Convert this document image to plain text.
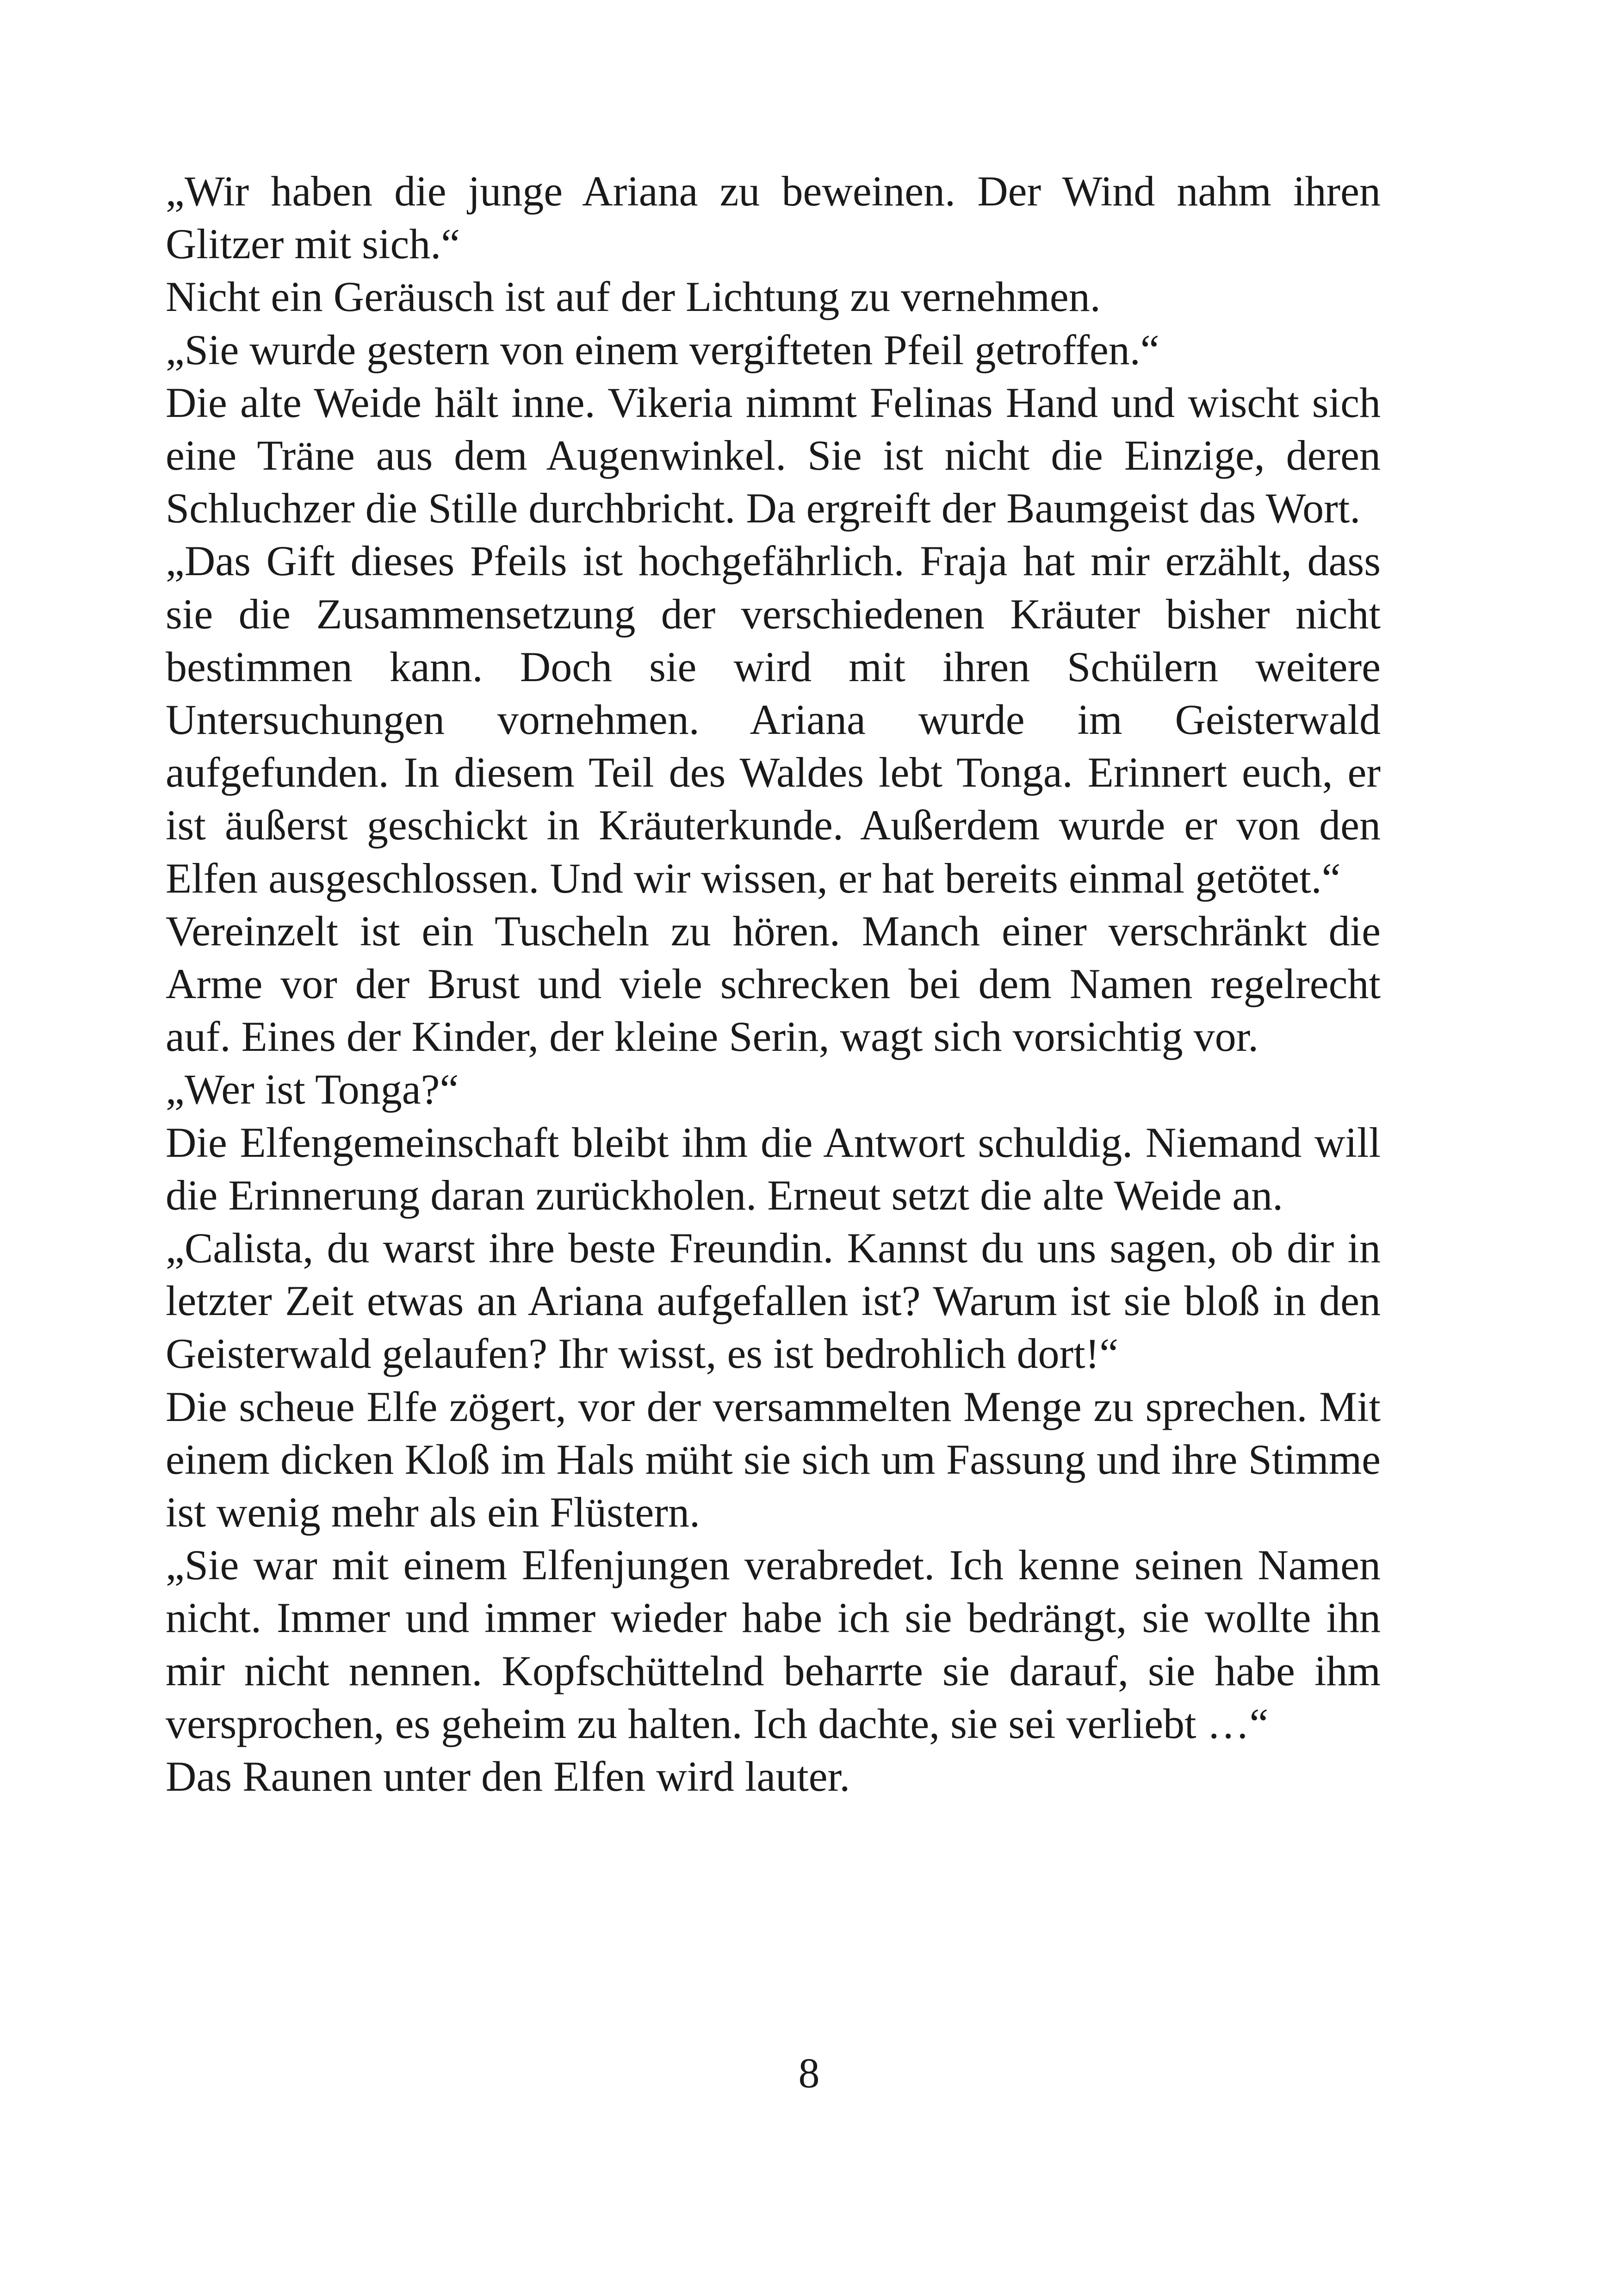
„Wir haben die junge Ariana zu beweinen. Der Wind nahm ihren Glitzer mit sich.“

Nicht ein Geräusch ist auf der Lichtung zu vernehmen.

„Sie wurde gestern von einem vergifteten Pfeil getroffen.“

Die alte Weide hält inne. Vikeria nimmt Felinas Hand und wischt sich eine Träne aus dem Augenwinkel. Sie ist nicht die Einzige, deren Schluchzer die Stille durchbricht. Da ergreift der Baumgeist das Wort.

„Das Gift dieses Pfeils ist hochgefährlich. Fraja hat mir erzählt, dass sie die Zusammensetzung der verschiedenen Kräuter bisher nicht bestimmen kann. Doch sie wird mit ihren Schülern weitere Untersuchungen vornehmen. Ariana wurde im Geisterwald aufgefunden. In diesem Teil des Waldes lebt Tonga. Erinnert euch, er ist äußerst geschickt in Kräuterkunde. Außerdem wurde er von den Elfen ausgeschlossen. Und wir wissen, er hat bereits einmal getötet.“

Vereinzelt ist ein Tuscheln zu hören. Manch einer verschränkt die Arme vor der Brust und viele schrecken bei dem Namen regelrecht auf. Eines der Kinder, der kleine Serin, wagt sich vorsichtig vor.

„Wer ist Tonga?“

Die Elfengemeinschaft bleibt ihm die Antwort schuldig. Niemand will die Erinnerung daran zurückholen. Erneut setzt die alte Weide an.

„Calista, du warst ihre beste Freundin. Kannst du uns sagen, ob dir in letzter Zeit etwas an Ariana aufgefallen ist? Warum ist sie bloß in den Geisterwald gelaufen? Ihr wisst, es ist bedrohlich dort!“

Die scheue Elfe zögert, vor der versammelten Menge zu sprechen. Mit einem dicken Kloß im Hals müht sie sich um Fassung und ihre Stimme ist wenig mehr als ein Flüstern.

„Sie war mit einem Elfenjungen verabredet. Ich kenne seinen Namen nicht. Immer und immer wieder habe ich sie bedrängt, sie wollte ihn mir nicht nennen. Kopfschüttelnd beharrte sie darauf, sie habe ihm versprochen, es geheim zu halten. Ich dachte, sie sei verliebt …“

Das Raunen unter den Elfen wird lauter.

8
